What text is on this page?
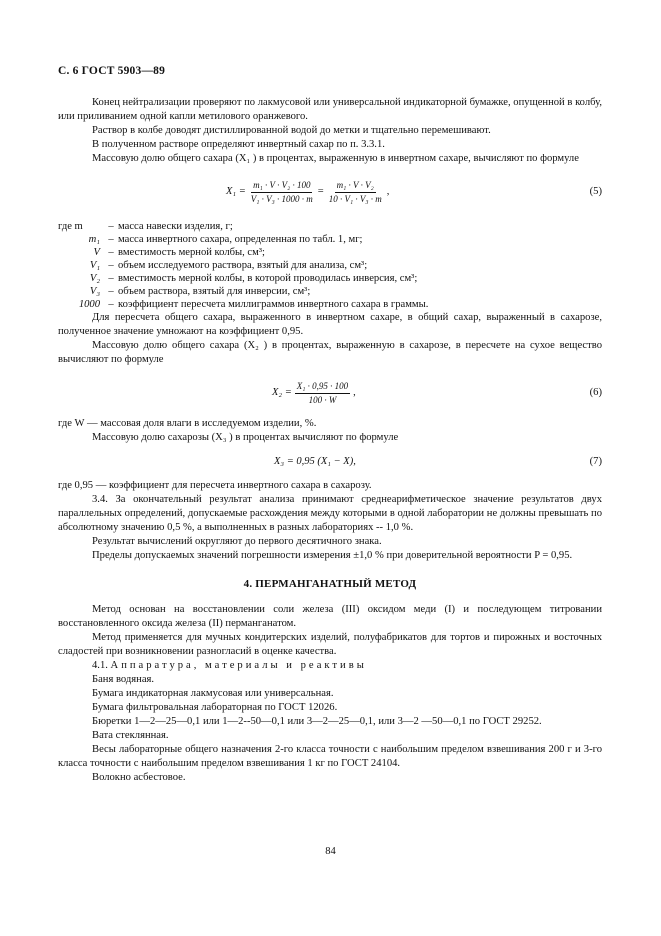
С. 6 ГОСТ 5903—89

Конец нейтрализации проверяют по лакмусовой или универсальной индикаторной бумажке, опущенной в колбу, или приливанием одной капли метилового оранжевого.

Раствор в колбе доводят дистиллированной водой до метки и тщательно перемешивают.

В полученном растворе определяют инвертный сахар по п. 3.3.1.

Массовую долю общего сахара (X₁ ) в процентах, выраженную в инвертном сахаре, вычисляют по формуле

$X_1 = \frac{\text{m₁ · V · V₂ · 100}}{\text{V₁ · V₃ · 1000 · m}} = \frac{\text{m₁ · V · V₂}}{\text{10 · V₁ · V₃ · m}}$ ,	(5)
где m	– масса навески изделия, г;
m₁ – масса инвертного сахара, определенная по табл. 1, мг;
V – вместимость мерной колбы, см³;
V₁ – объем исследуемого раствора, взятый для анализа, см³;
V₂ – вместимость мерной колбы, в которой проводилась инверсия, см³;
V₃ – объем раствора, взятый для инверсии, см³;
1000 – коэффициент пересчета миллиграммов инвертного сахара в граммы.

Для пересчета общего сахара, выраженного в инвертном сахаре, в общий сахар, выраженный в сахарозе, полученное значение умножают на коэффициент 0,95.

Массовую долю общего сахара (X₂ ) в процентах, выраженную в сахарозе, в пересчете на сухое вещество вычисляют по формуле

$X_2 = \frac{\text{X₁ · 0,95 · 100}}{100 \cdot W}$ ,	(6)

где W — массовая доля влаги в исследуемом изделии, %.

Массовую долю сахарозы (X₃ ) в процентах вычисляют по формуле

X₃ = 0,95 (X₁ − X),	(7)

где 0,95 — коэффициент для пересчета инвертного сахара в сахарозу.

3.4. За окончательный результат анализа принимают среднеарифметическое значение результатов двух параллельных определений, допускаемые расхождения между которыми в одной лаборатории не должны превышать по абсолютному значению 0,5 %, а выполненных в разных лабораториях -- 1,0 %.

Результат вычислений округляют до первого десятичного знака.

Пределы допускаемых значений погрешности измерения ±1,0 % при доверительной вероятности P = 0,95.

4. ПЕРМАНГАНАТНЫЙ МЕТОД

Метод основан на восстановлении соли железа (III) оксидом меди (I) и последующем титровании восстановленного оксида железа (II) перманганатом.

Метод применяется для мучных кондитерских изделий, полуфабрикатов для тортов и пирожных и восточных сладостей при возникновении разногласий в оценке качества.

4.1. Аппаратура, материалы и реактивы

Баня водяная.

Бумага индикаторная лакмусовая или универсальная.

Бумага фильтровальная лабораторная по ГОСТ 12026.

Бюретки 1—2—25—0,1 или 1—2--50—0,1 или 3—2—25—0,1, или 3—2 —50—0,1 по ГОСТ 29252.

Вата стеклянная.

Весы лабораторные общего назначения 2-го класса точности с наибольшим пределом взвешивания 200 г и 3-го класса точности с наибольшим пределом взвешивания 1 кг по ГОСТ 24104.

Волокно асбестовое.

84
